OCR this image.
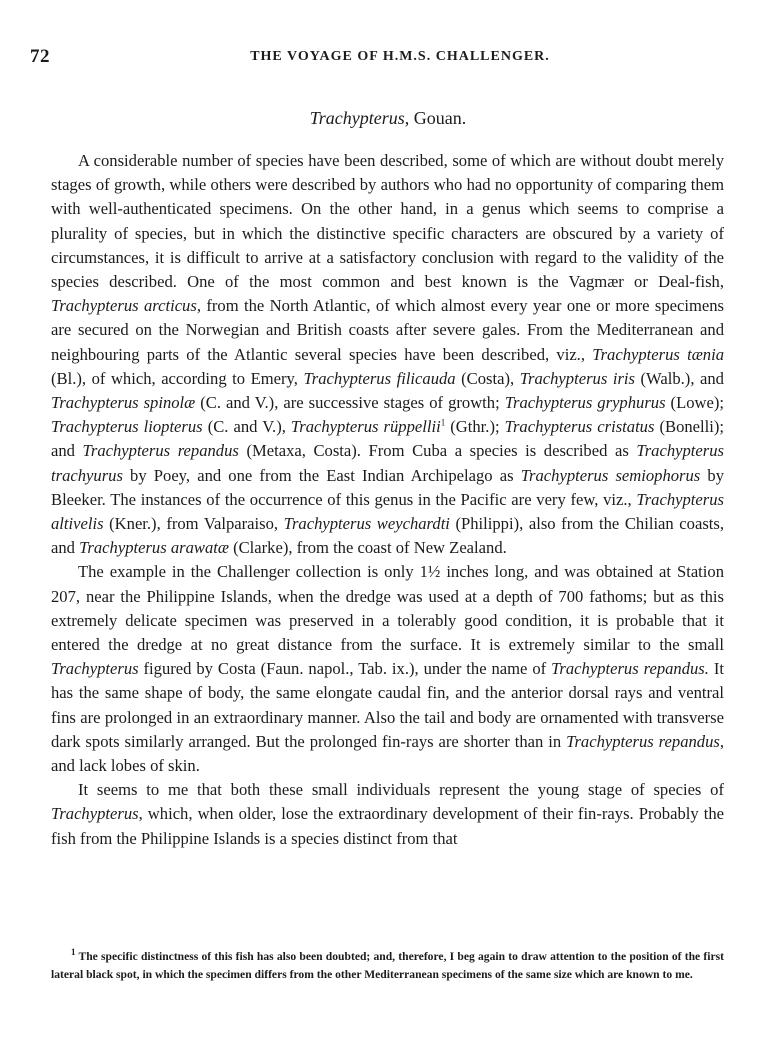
72	THE VOYAGE OF H.M.S. CHALLENGER.
Trachypterus, Gouan.

A considerable number of species have been described, some of which are without doubt merely stages of growth, while others were described by authors who had no opportunity of comparing them with well-authenticated specimens. On the other hand, in a genus which seems to comprise a plurality of species, but in which the distinctive specific characters are obscured by a variety of circumstances, it is difficult to arrive at a satisfactory conclusion with regard to the validity of the species described. One of the most common and best known is the Vagmær or Deal-fish, Trachypterus arcticus, from the North Atlantic, of which almost every year one or more specimens are secured on the Norwegian and British coasts after severe gales. From the Mediterranean and neighbouring parts of the Atlantic several species have been described, viz., Trachypterus tænia (Bl.), of which, according to Emery, Trachypterus filicauda (Costa), Trachypterus iris (Walb.), and Trachypterus spinolæ (C. and V.), are successive stages of growth; Trachypterus gryphurus (Lowe); Trachypterus liopterus (C. and V.), Trachypterus rüppellii$^1$ (Gthr.); Trachypterus cristatus (Bonelli); and Trachypterus repandus (Metaxa, Costa). From Cuba a species is described as Trachypterus trachyurus by Poey, and one from the East Indian Archipelago as Trachypterus semiophorus by Bleeker. The instances of the occurrence of this genus in the Pacific are very few, viz., Trachypterus altivelis (Kner.), from Valparaiso, Trachypterus weychardti (Philippi), also from the Chilian coasts, and Trachypterus arawatæ (Clarke), from the coast of New Zealand.

The example in the Challenger collection is only 1½ inches long, and was obtained at Station 207, near the Philippine Islands, when the dredge was used at a depth of 700 fathoms; but as this extremely delicate specimen was preserved in a tolerably good condition, it is probable that it entered the dredge at no great distance from the surface. It is extremely similar to the small Trachypterus figured by Costa (Faun. napol., Tab. ix.), under the name of Trachypterus repandus. It has the same shape of body, the same elongate caudal fin, and the anterior dorsal rays and ventral fins are prolonged in an extraordinary manner. Also the tail and body are ornamented with transverse dark spots similarly arranged. But the prolonged fin-rays are shorter than in Trachypterus repandus, and lack lobes of skin.

It seems to me that both these small individuals represent the young stage of species of Trachypterus, which, when older, lose the extraordinary development of their fin-rays. Probably the fish from the Philippine Islands is a species distinct from that

$^1$ The specific distinctness of this fish has also been doubted; and, therefore, I beg again to draw attention to the position of the first lateral black spot, in which the specimen differs from the other Mediterranean specimens of the same size which are known to me.
